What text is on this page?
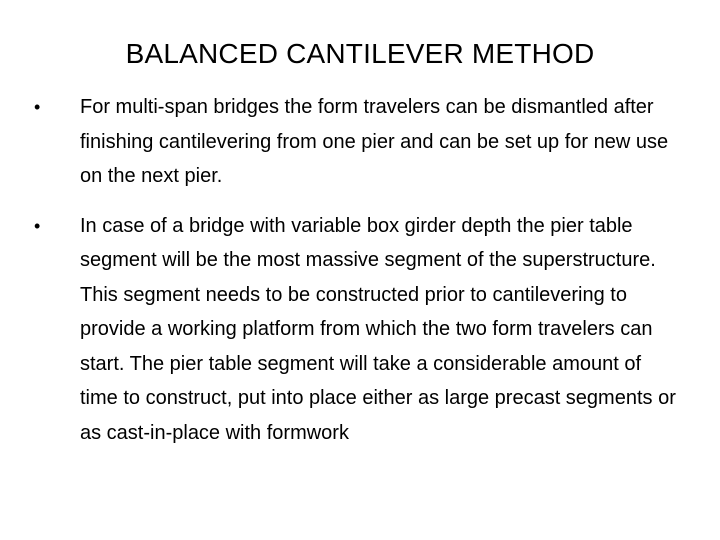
BALANCED CANTILEVER METHOD
• For multi-span bridges the form travelers can be dismantled after finishing cantilevering from one pier and can be set up for new use on the next pier.
• In case of a bridge with variable box girder depth the pier table segment will be the most massive segment of the superstructure. This segment needs to be constructed prior to cantilevering to provide a working platform from which the two form travelers can start. The pier table segment will take a considerable amount of time to construct, put into place either as large precast segments or as cast-in-place with formwork
